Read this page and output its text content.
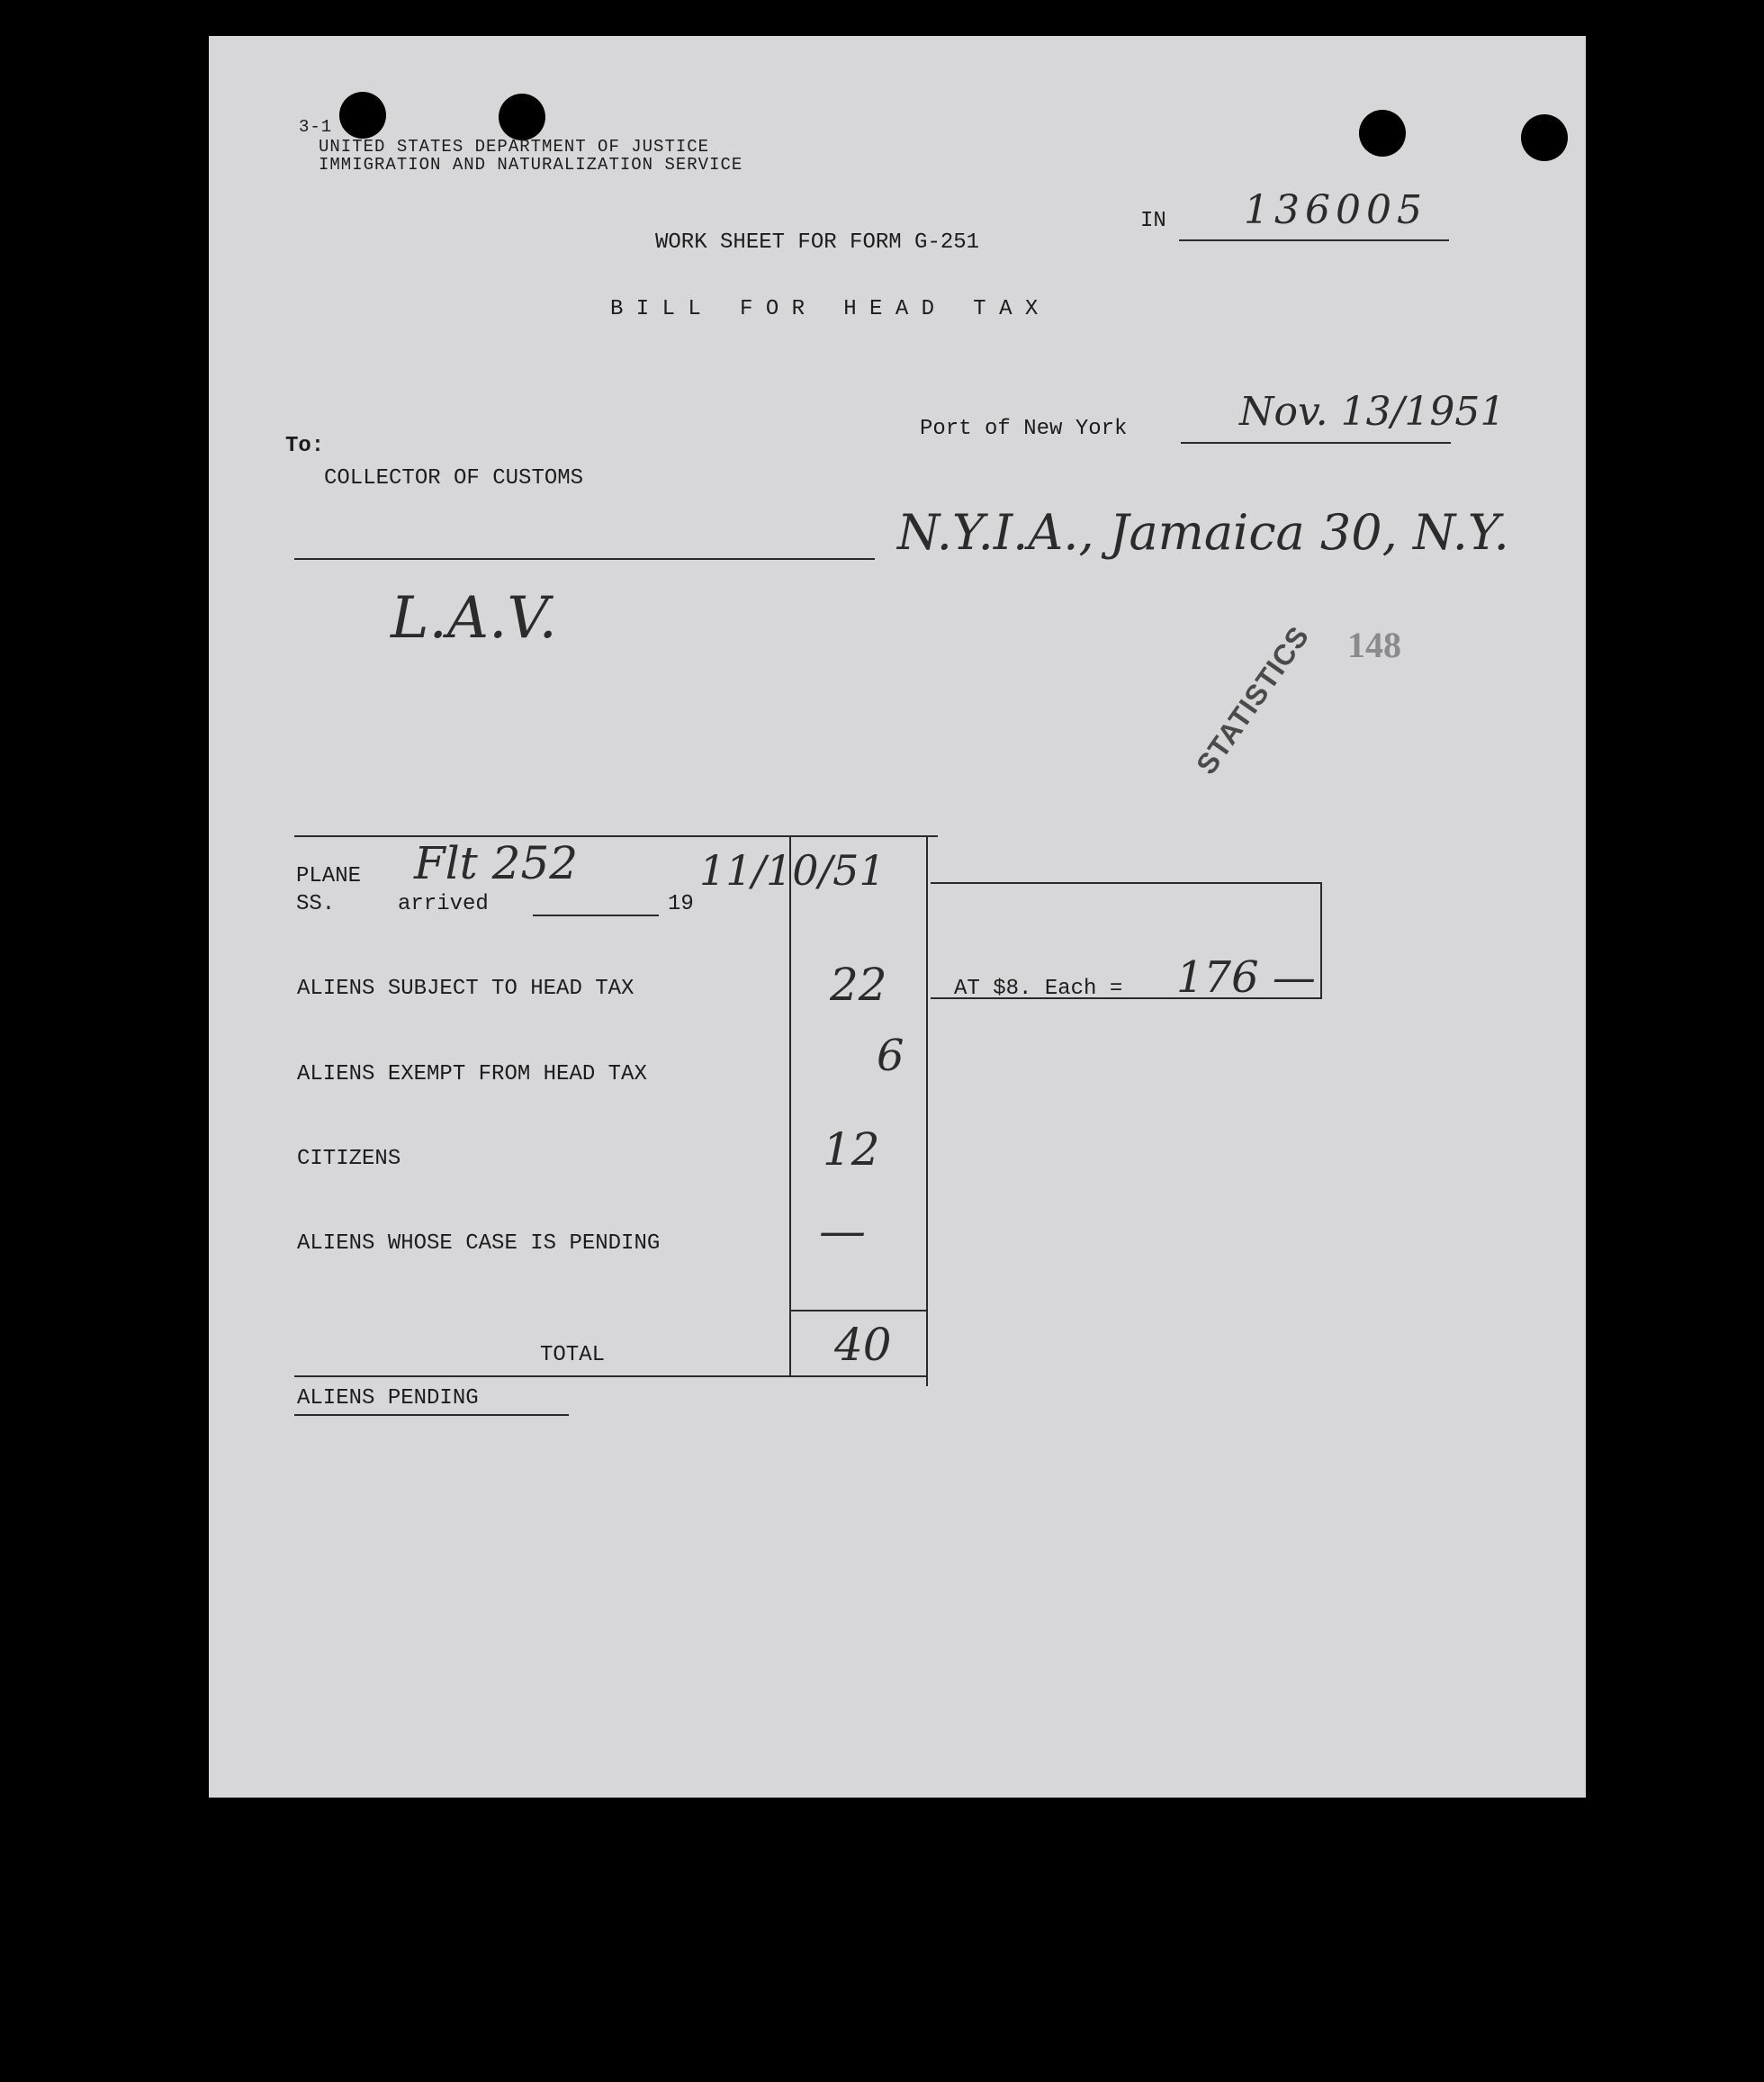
3-1
UNITED STATES DEPARTMENT OF JUSTICE
IMMIGRATION AND NATURALIZATION SERVICE
IN 136005
WORK SHEET FOR FORM G-251
B I L L   F O R   H E A D   T A X
Port of New York	Nov. 13/1951
To:
COLLECTOR OF CUSTOMS
N.Y.I.A., Jamaica 30, N.Y.
L.A.V.
STATISTICS 148
PLANE
SS.	arrived	19
Flt 252	11/10/51
ALIENS SUBJECT TO HEAD TAX	22	AT $8. Each = 176 —
ALIENS EXEMPT FROM HEAD TAX	6
CITIZENS	12
ALIENS WHOSE CASE IS PENDING	—
TOTAL	40
ALIENS PENDING
